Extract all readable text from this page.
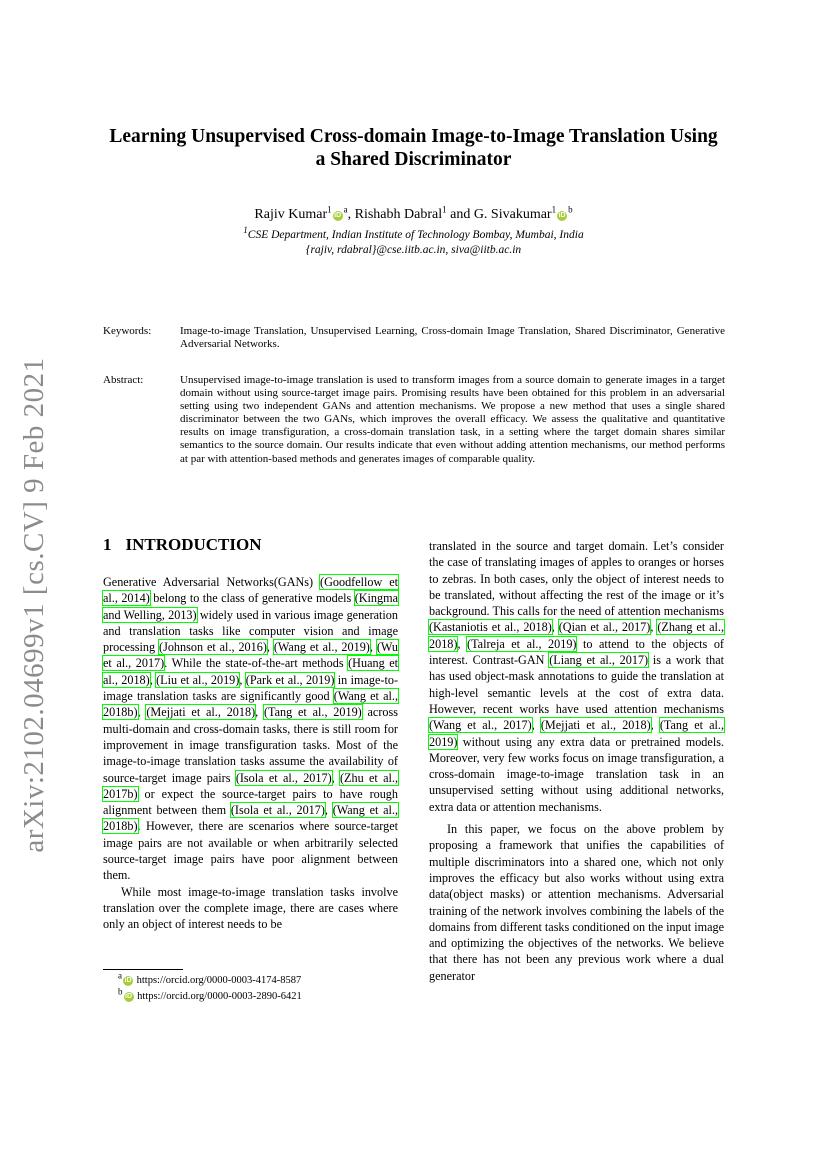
arXiv:2102.04699v1 [cs.CV] 9 Feb 2021
Learning Unsupervised Cross-domain Image-to-Image Translation Using
a Shared Discriminator
Rajiv $Kumar^1iD^a$, Rishabh Dabral$^1$ and G. $Sivakumar^1iD^b$
$^1$CSE Department, Indian Institute of Technology Bombay, Mumbai, India
{rajiv, rdabral}@cse.iitb.ac.in, siva@iitb.ac.in
Keywords:	Image-to-image Translation, Unsupervised Learning, Cross-domain Image Translation, Shared Discriminator, Generative Adversarial Networks.
Abstract:	Unsupervised image-to-image translation is used to transform images from a source domain to generate images in a target domain without using source-target image pairs. Promising results have been obtained for this problem in an adversarial setting using two independent GANs and attention mechanisms. We propose a new method that uses a single shared discriminator between the two GANs, which improves the overall efficacy. We assess the qualitative and quantitative results on image transfiguration, a cross-domain translation task, in a setting where the target domain shares similar semantics to the source domain. Our results indicate that even without adding attention mechanisms, our method performs at par with attention-based methods and generates images of comparable quality.
1 INTRODUCTION

Generative Adversarial Networks(GANs) (Goodfellow et al., 2014) belong to the class of generative models (Kingma and Welling, 2013) widely used in various image generation and translation tasks like computer vision and image processing (Johnson et al., 2016), (Wang et al., 2019), (Wu et al., 2017). While the state-of-the-art methods (Huang et al., 2018), (Liu et al., 2019), (Park et al., 2019) in image-to-image translation tasks are significantly good (Wang et al., 2018b), (Mejjati et al., 2018), (Tang et al., 2019) across multi-domain and cross-domain tasks, there is still room for improvement in image transfiguration tasks. Most of the image-to-image translation tasks assume the availability of source-target image pairs (Isola et al., 2017), (Zhu et al., 2017b) or expect the source-target pairs to have rough alignment between them (Isola et al., 2017), (Wang et al., 2018b). However, there are scenarios where source-target image pairs are not available or when arbitrarily selected source-target image pairs have poor alignment between them.

While most image-to-image translation tasks involve translation over the complete image, there are cases where only an object of interest needs to be

translated in the source and target domain. Let’s consider the case of translating images of apples to oranges or horses to zebras. In both cases, only the object of interest needs to be translated, without affecting the rest of the image or it’s background. This calls for the need of attention mechanisms (Kastaniotis et al., 2018), (Qian et al., 2017), (Zhang et al., 2018), (Talreja et al., 2019) to attend to the objects of interest. Contrast-GAN (Liang et al., 2017) is a work that has used object-mask annotations to guide the translation at high-level semantic levels at the cost of extra data. However, recent works have used attention mechanisms (Wang et al., 2017), (Mejjati et al., 2018), (Tang et al., 2019) without using any extra data or pretrained models. Moreover, very few works focus on image transfiguration, a cross-domain image-to-image translation task in an unsupervised setting without using additional networks, extra data or attention mechanisms.

In this paper, we focus on the above problem by proposing a framework that unifies the capabilities of multiple discriminators into a shared one, which not only improves the efficacy but also works without using extra data(object masks) or attention mechanisms. Adversarial training of the network involves combining the labels of the domains from different tasks conditioned on the input image and optimizing the objectives of the networks. We believe that there has not been any previous work where a dual generator

$^a$ iD https://orcid.org/0000-0003-4174-8587
$^b$ iD https://orcid.org/0000-0003-2890-6421
